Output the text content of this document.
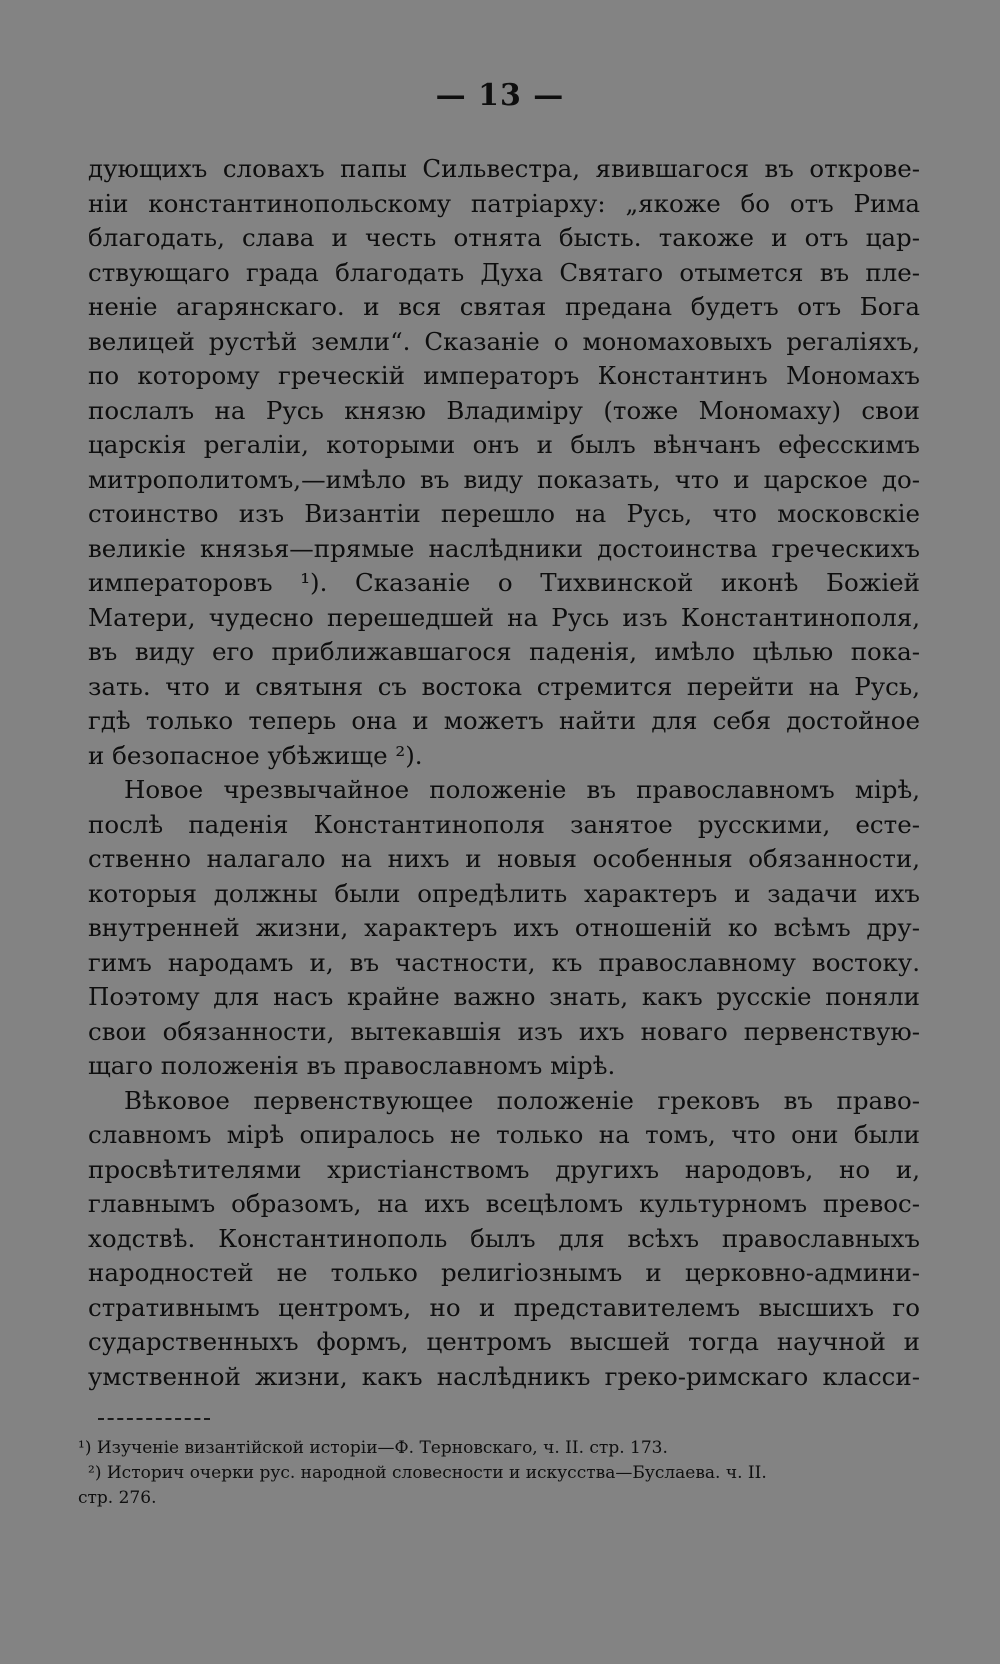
— 13 —
дующихъ словахъ папы Сильвестра, явившагося въ открове-
ніи константинопольскому патріарху: „якоже бо отъ Рима
благодать, слава и честь отнята бысть. такоже и отъ цар-
ствующаго града благодать Духа Святаго отымется въ пле-
неніе агарянскаго. и вся святая предана будетъ отъ Бога
велицей рустѣй земли“. Сказаніе о мономаховыхъ регаліяхъ,
по которому греческій императоръ Константинъ Мономахъ
послалъ на Русь князю Владиміру (тоже Мономаху) свои
царскія регаліи, которыми онъ и былъ вѣнчанъ ефесскимъ
митрополитомъ,—имѣло въ виду показать, что и царское до-
стоинство изъ Византіи перешло на Русь, что московскіе
великіе князья—прямые наслѣдники достоинства греческихъ
императоровъ ¹). Сказаніе о Тихвинской иконѣ Божіей
Матери, чудесно перешедшей на Русь изъ Константинополя,
въ виду его приближавшагося паденія, имѣло цѣлью пока-
зать. что и святыня съ востока стремится перейти на Русь,
гдѣ только теперь она и можетъ найти для себя достойное
и безопасное убѣжище ²).
Новое чрезвычайное положеніе въ православномъ мірѣ,
послѣ паденія Константинополя занятое русскими, есте-
ственно налагало на нихъ и новыя особенныя обязанности,
которыя должны были опредѣлить характеръ и задачи ихъ
внутренней жизни, характеръ ихъ отношеній ко всѣмъ дру-
гимъ народамъ и, въ частности, къ православному востоку.
Поэтому для насъ крайне важно знать, какъ русскіе поняли
свои обязанности, вытекавшія изъ ихъ новаго первенствую-
щаго положенія въ православномъ мірѣ.
Вѣковое первенствующее положеніе грековъ въ право-
славномъ мірѣ опиралось не только на томъ, что они были
просвѣтителями христіанствомъ другихъ народовъ, но и,
главнымъ образомъ, на ихъ всецѣломъ культурномъ превос-
ходствѣ. Константинополь былъ для всѣхъ православныхъ
народностей не только религіознымъ и церковно-админи-
стративнымъ центромъ, но и представителемъ высшихъ го
сударственныхъ формъ, центромъ высшей тогда научной и
умственной жизни, какъ наслѣдникъ греко-римскаго класси-
¹) Изученіе византійской исторіи—Ф. Терновскаго, ч. II. стр. 173.
²) Историч очерки рус. народной словесности и искусства—Буслаева. ч. II.
стр. 276.
